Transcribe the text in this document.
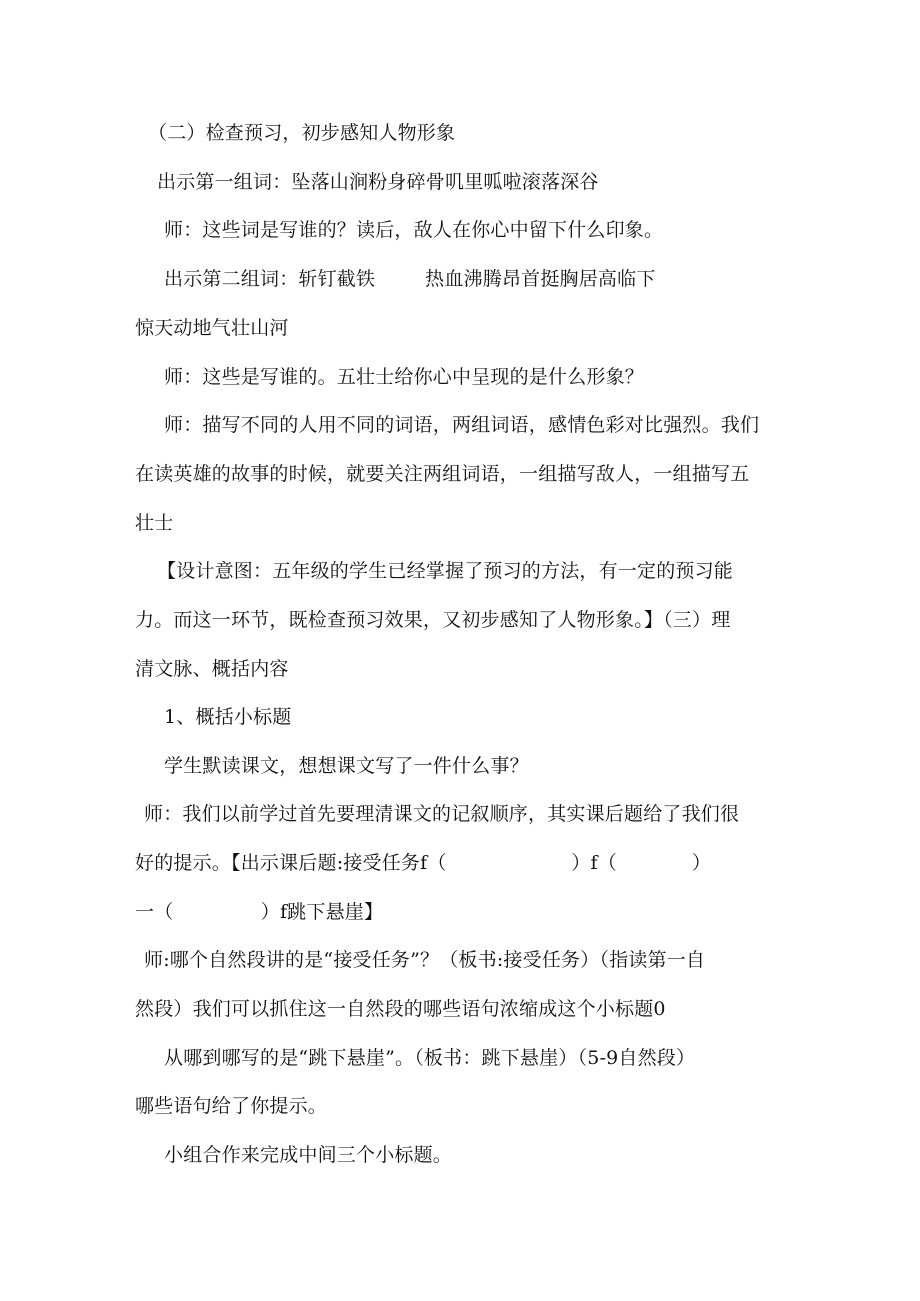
（二）检查预习，初步感知人物形象
出示第一组词：坠落山涧粉身碎骨叽里呱啦滚落深谷
师：这些词是写谁的？读后，敌人在你心中留下什么印象。
出示第二组词：斩钉截铁        热血沸腾昂首挺胸居高临下
惊天动地气壮山河
师：这些是写谁的。五壮士给你心中呈现的是什么形象？
师：描写不同的人用不同的词语，两组词语，感情色彩对比强烈。我们
在读英雄的故事的时候，就要关注两组词语，一组描写敌人，一组描写五
壮士
【设计意图：五年级的学生已经掌握了预习的方法，有一定的预习能
力。而这一环节，既检查预习效果，又初步感知了人物形象。】（三）理
清文脉、概括内容
1、概括小标题
学生默读课文，想想课文写了一件什么事？
师：我们以前学过首先要理清课文的记叙顺序，其实课后题给了我们很
好的提示。【出示课后题:接受任务f（                    ）f（            ）
一（              ）f跳下悬崖】
师:哪个自然段讲的是“接受任务”？（板书:接受任务）（指读第一自
然段）我们可以抓住这一自然段的哪些语句浓缩成这个小标题0
从哪到哪写的是“跳下悬崖”。（板书：跳下悬崖）（5-9自然段）
哪些语句给了你提示。
小组合作来完成中间三个小标题。
